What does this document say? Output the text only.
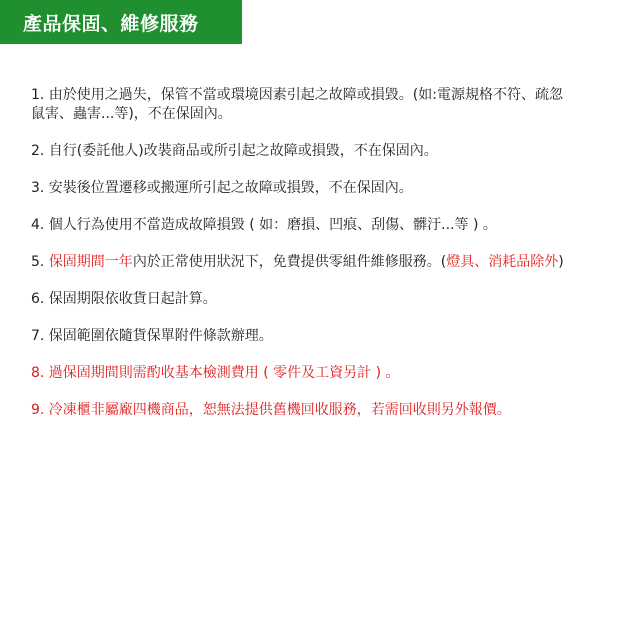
產品保固、維修服務
1. 由於使用之過失，保管不當或環境因素引起之故障或損毀。(如:電源規格不符、疏忽
鼠害、蟲害...等)，不在保固內。
2. 自行(委託他人)改裝商品或所引起之故障或損毀，不在保固內。
3. 安裝後位置遷移或搬運所引起之故障或損毀，不在保固內。
4. 個人行為使用不當造成故障損毀 ( 如：磨損、凹痕、刮傷、髒汙...等 ) 。
5. 保固期間一年內於正常使用狀況下，免費提供零組件維修服務。(燈具、消耗品除外)
6. 保固期限依收貨日起計算。
7. 保固範圍依隨貨保單附件條款辦理。
8. 過保固期間則需酌收基本檢測費用 ( 零件及工資另計 ) 。
9. 冷凍櫃非屬廠四機商品，恕無法提供舊機回收服務，若需回收則另外報價。
